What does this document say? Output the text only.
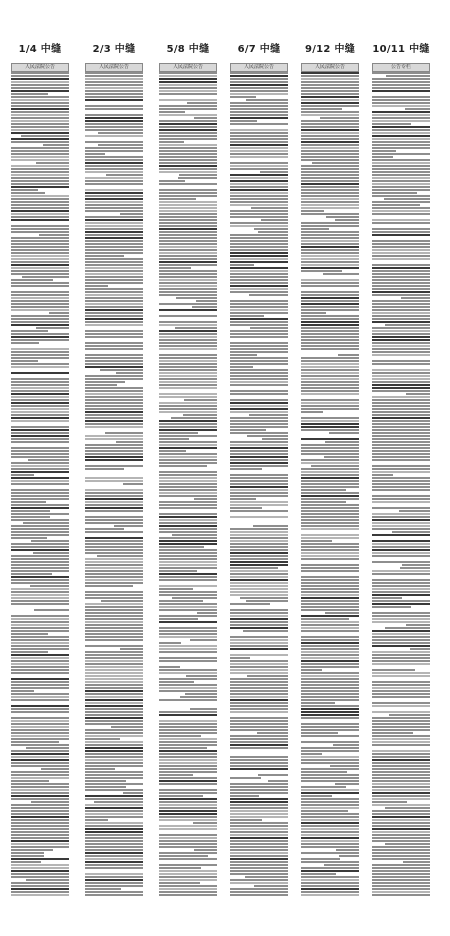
1/4 中缝
人民法院公告
2/3 中缝
人民法院公告
5/8 中缝
人民法院公告
6/7 中缝
人民法院公告
9/12 中缝
人民法院公告
10/11 中缝
公告专栏
